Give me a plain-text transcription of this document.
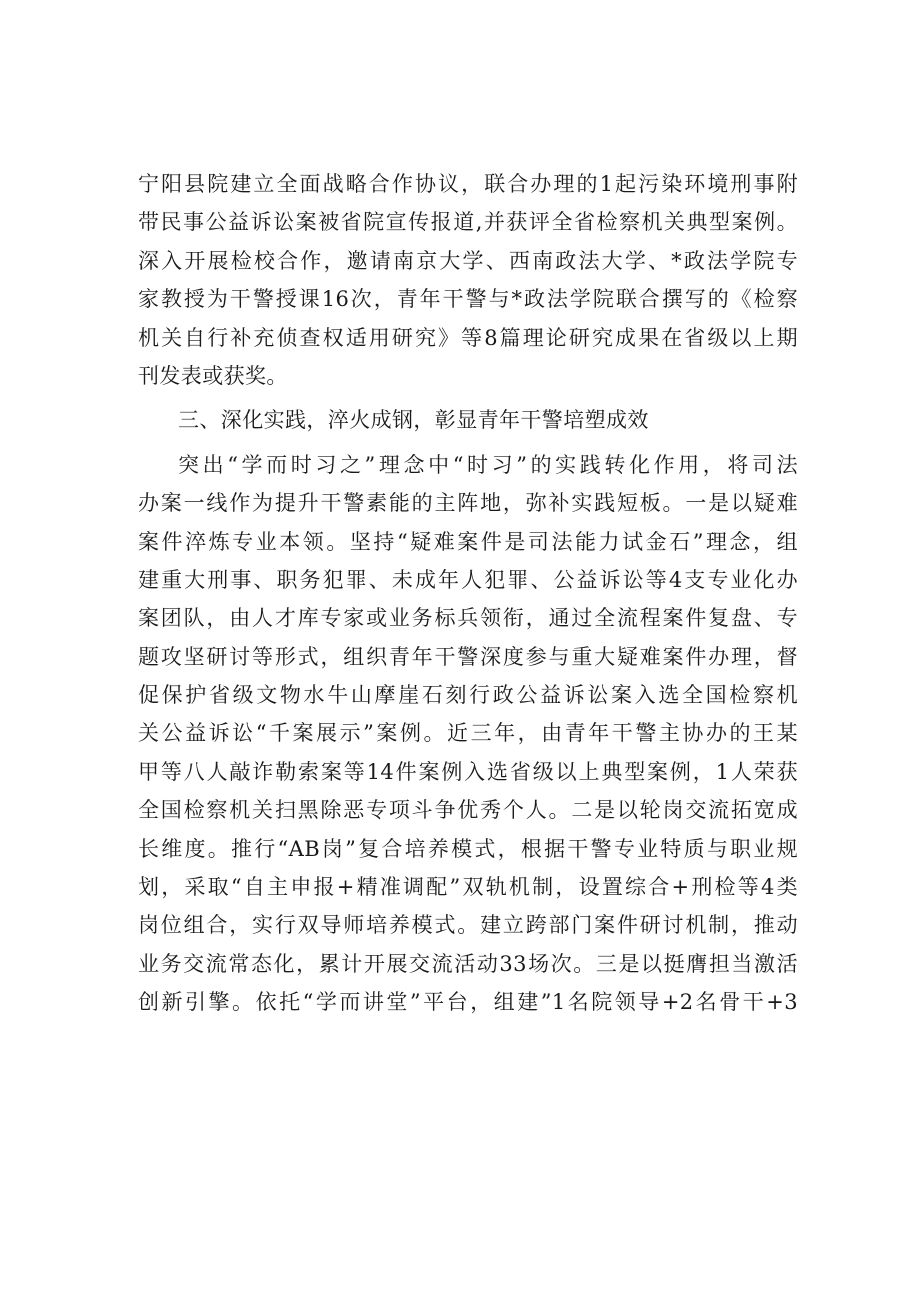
宁阳县院建立全面战略合作协议，联合办理的1起污染环境刑事附
带民事公益诉讼案被省院宣传报道,并获评全省检察机关典型案例。
深入开展检校合作，邀请南京大学、西南政法大学、*政法学院专
家教授为干警授课16次，青年干警与*政法学院联合撰写的《检察
机关自行补充侦查权适用研究》等8篇理论研究成果在省级以上期
刊发表或获奖。
三、深化实践，淬火成钢，彰显青年干警培塑成效
突出“学而时习之”理念中“时习”的实践转化作用，将司法
办案一线作为提升干警素能的主阵地，弥补实践短板。一是以疑难
案件淬炼专业本领。坚持“疑难案件是司法能力试金石”理念，组
建重大刑事、职务犯罪、未成年人犯罪、公益诉讼等4支专业化办
案团队，由人才库专家或业务标兵领衔，通过全流程案件复盘、专
题攻坚研讨等形式，组织青年干警深度参与重大疑难案件办理，督
促保护省级文物水牛山摩崖石刻行政公益诉讼案入选全国检察机
关公益诉讼“千案展示”案例。近三年，由青年干警主协办的王某
甲等八人敲诈勒索案等14件案例入选省级以上典型案例，1人荣获
全国检察机关扫黑除恶专项斗争优秀个人。二是以轮岗交流拓宽成
长维度。推行“AB岗”复合培养模式，根据干警专业特质与职业规
划，采取“自主申报+精准调配”双轨机制，设置综合+刑检等4类
岗位组合，实行双导师培养模式。建立跨部门案件研讨机制，推动
业务交流常态化，累计开展交流活动33场次。三是以挺膺担当激活
创新引擎。依托“学而讲堂”平台，组建”1名院领导+2名骨干+3
